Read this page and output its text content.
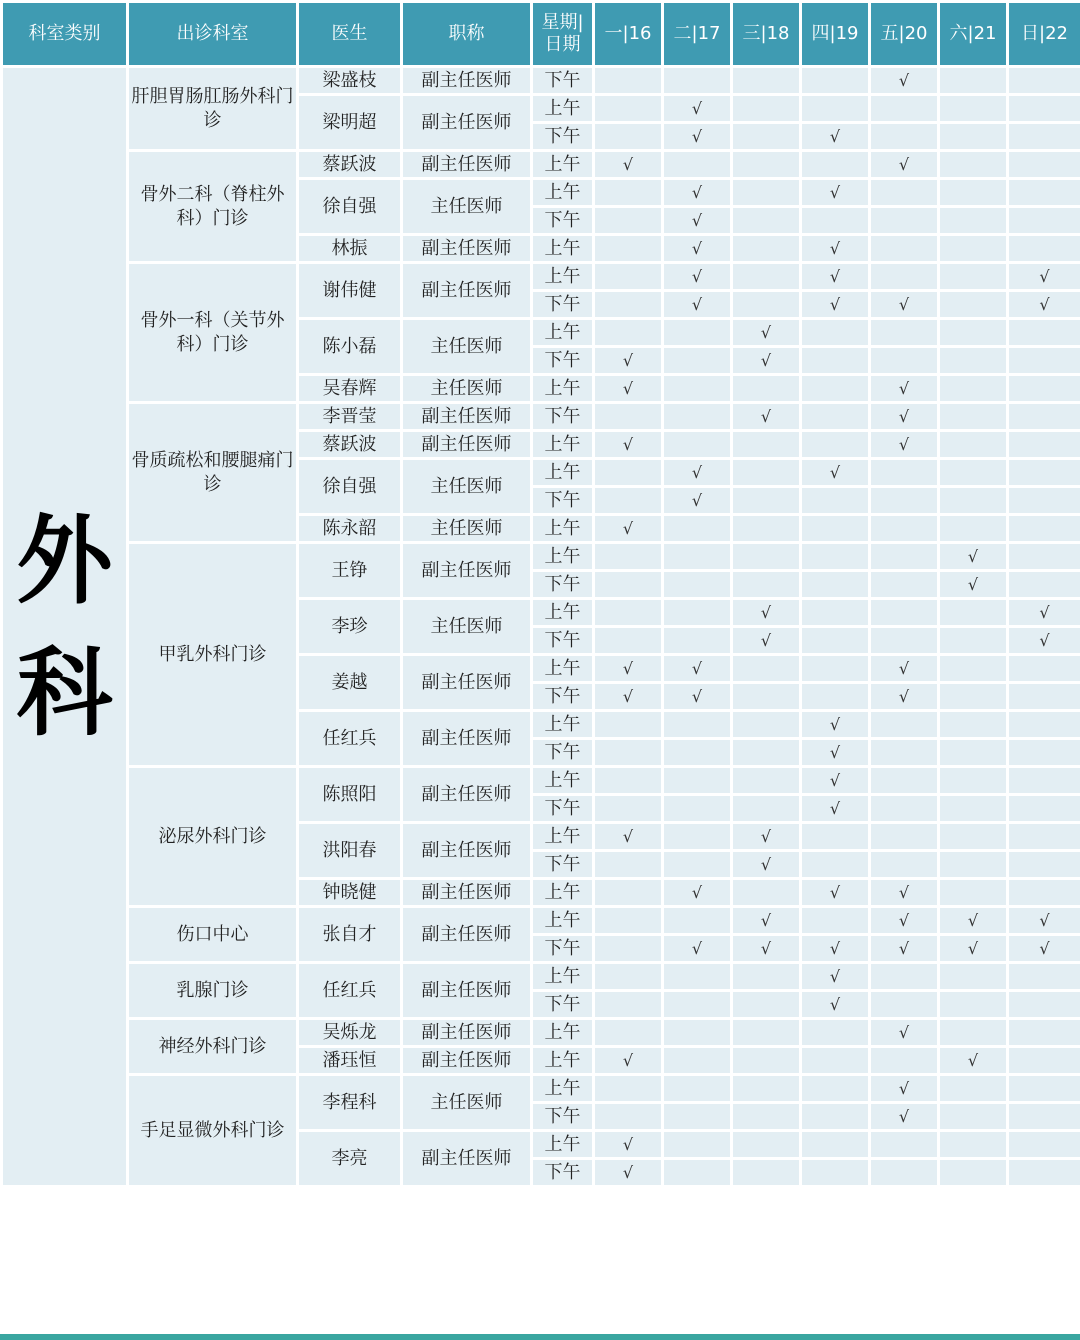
科室类别	出诊科室	医生	职称	星期|
日期	一|16	二|17	三|18	四|19	五|20	六|21	日|22

外科	肝胆胃肠肛肠外科门诊	梁盛枝	副主任医师	下午					√		
		梁明超	副主任医师	上午		√					
				下午		√		√			
	骨外二科（脊柱外科）门诊	蔡跃波	副主任医师	上午	√				√		
		徐自强	主任医师	上午		√		√			
				下午		√					
		林振	副主任医师	上午		√		√			
	骨外一科（关节外科）门诊	谢伟健	副主任医师	上午		√		√			√
				下午		√		√	√		√
		陈小磊	主任医师	上午			√				
				下午	√		√				
		吴春辉	主任医师	上午	√				√		
	骨质疏松和腰腿痛门诊	李晋莹	副主任医师	下午			√		√		
		蔡跃波	副主任医师	上午	√				√		
		徐自强	主任医师	上午		√		√			
				下午		√					
		陈永韶	主任医师	上午	√						
	甲乳外科门诊	王铮	副主任医师	上午						√	
				下午						√	
		李珍	主任医师	上午			√				√
				下午			√				√
		姜越	副主任医师	上午	√	√			√		
				下午	√	√			√		
		任红兵	副主任医师	上午				√			
				下午				√			
	泌尿外科门诊	陈照阳	副主任医师	上午				√			
				下午				√			
		洪阳春	副主任医师	上午	√		√				
				下午			√				
		钟晓健	副主任医师	上午		√		√	√		
	伤口中心	张自才	副主任医师	上午			√		√	√	√
				下午		√	√	√	√	√	√
	乳腺门诊	任红兵	副主任医师	上午				√			
				下午				√			
	神经外科门诊	吴烁龙	副主任医师	上午					√		
		潘珏恒	副主任医师	上午	√					√	
	手足显微外科门诊	李程科	主任医师	上午					√		
				下午					√		
		李亮	副主任医师	上午	√						
				下午	√						
